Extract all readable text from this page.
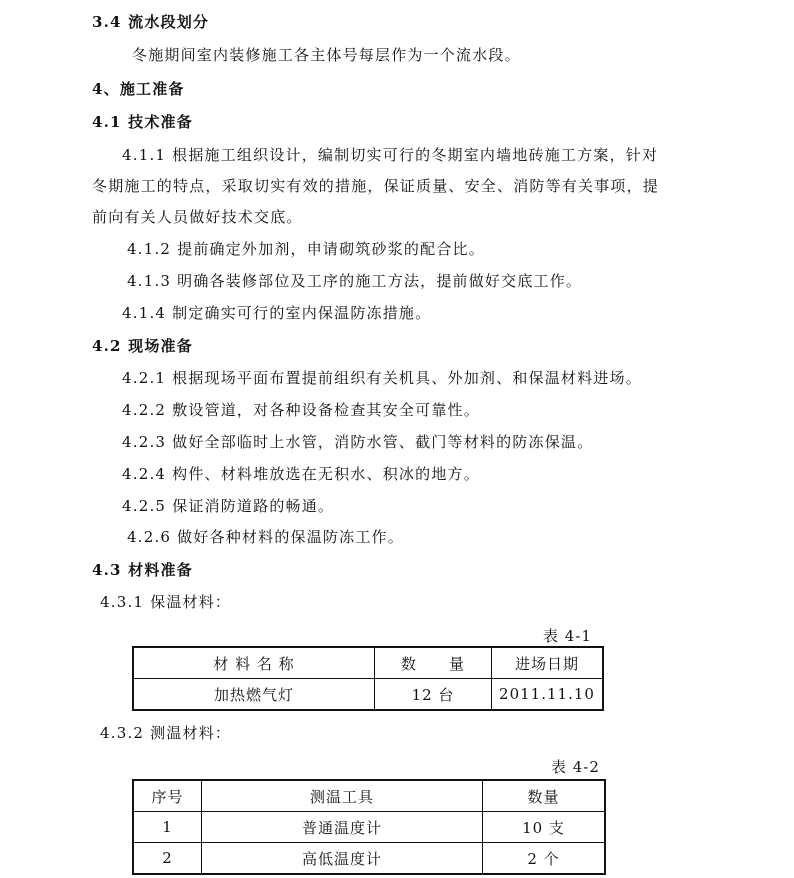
3.4 流水段划分
冬施期间室内装修施工各主体号每层作为一个流水段。
4、施工准备
4.1 技术准备
4.1.1 根据施工组织设计，编制切实可行的冬期室内墙地砖施工方案，针对
冬期施工的特点，采取切实有效的措施，保证质量、安全、消防等有关事项，提
前向有关人员做好技术交底。
4.1.2 提前确定外加剂，申请砌筑砂浆的配合比。
4.1.3 明确各装修部位及工序的施工方法，提前做好交底工作。
4.1.4 制定确实可行的室内保温防冻措施。
4.2 现场准备
4.2.1 根据现场平面布置提前组织有关机具、外加剂、和保温材料进场。
4.2.2 敷设管道，对各种设备检查其安全可靠性。
4.2.3 做好全部临时上水管，消防水管、截门等材料的防冻保温。
4.2.4 构件、材料堆放选在无积水、积冰的地方。
4.2.5 保证消防道路的畅通。
4.2.6 做好各种材料的保温防冻工作。
4.3 材料准备
4.3.1 保温材料：
表 4-1
材 料 名 称	数　　量	进场日期
加热燃气灯	12 台	2011.11.10
4.3.2 测温材料：
表 4-2
序号	测温工具	数量
1	普通温度计	10 支
2	高低温度计	2 个
